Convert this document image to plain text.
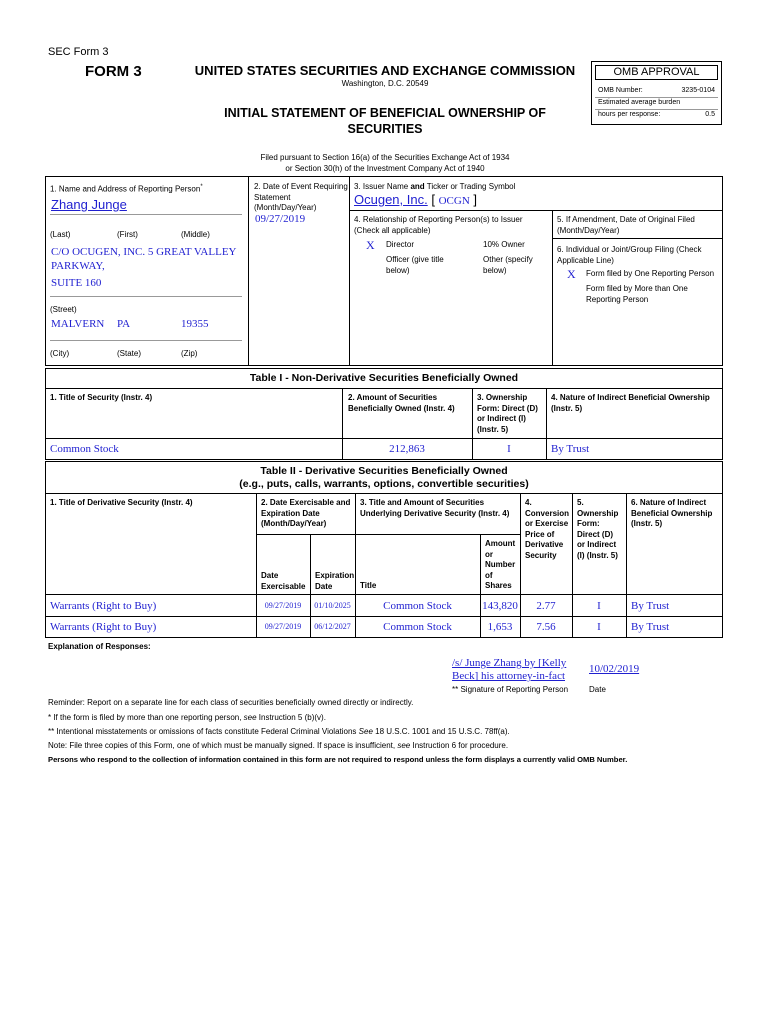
SEC Form 3
FORM 3	UNITED STATES SECURITIES AND EXCHANGE COMMISSION
Washington, D.C. 20549
INITIAL STATEMENT OF BENEFICIAL OWNERSHIP OF
SECURITIES
Filed pursuant to Section 16(a) of the Securities Exchange Act of 1934
or Section 30(h) of the Investment Company Act of 1940
OMB APPROVAL
OMB Number:	3235-0104
Estimated average burden
hours per response:	0.5
1. Name and Address of Reporting Person*
Zhang Junge
(Last)	(First)	(Middle)
C/O OCUGEN, INC. 5 GREAT VALLEY
PARKWAY,
SUITE 160
(Street)
MALVERN PA	19355
(City)	(State)	(Zip)
2. Date of Event Requiring
Statement
(Month/Day/Year)
09/27/2019
3. Issuer Name and Ticker or Trading Symbol
Ocugen, Inc. [ OCGN ]
4. Relationship of Reporting Person(s) to Issuer
(Check all applicable)
X Director	10% Owner
Officer (give title
below)
Other (specify
below)
5. If Amendment, Date of Original Filed
(Month/Day/Year)
6. Individual or Joint/Group Filing (Check
Applicable Line)
X Form filed by One Reporting Person
Form filed by More than One
Reporting Person
Table I - Non-Derivative Securities Beneficially Owned
1. Title of Security (Instr. 4)	2. Amount of Securities
Beneficially Owned (Instr. 4)
3. Ownership
Form: Direct (D)
or Indirect (I)
(Instr. 5)
4. Nature of Indirect Beneficial Ownership
(Instr. 5)
Common Stock	212,863	I	By Trust
Table II - Derivative Securities Beneficially Owned
(e.g., puts, calls, warrants, options, convertible securities)
1. Title of Derivative Security (Instr. 4)	2. Date Exercisable and
Expiration Date
(Month/Day/Year)
3. Title and Amount of Securities
Underlying Derivative Security (Instr. 4)
4.
Conversion
or Exercise
Price of
Derivative
Security
5.
Ownership
Form:
Direct (D)
or Indirect
(I) (Instr. 5)
6. Nature of Indirect
Beneficial Ownership
(Instr. 5)
Date
Exercisable
Expiration
Date	Title
Amount
or
Number
of
Shares
Warrants (Right to Buy)	09/27/2019	01/10/2025	Common Stock	143,820	2.77	I	By Trust
Warrants (Right to Buy)	09/27/2019	06/12/2027	Common Stock	1,653	7.56	I	By Trust
Explanation of Responses:
/s/ Junge Zhang by [Kelly
Beck] his attorney-in-fact
10/02/2019
** Signature of Reporting Person	Date
Reminder: Report on a separate line for each class of securities beneficially owned directly or indirectly.
* If the form is filed by more than one reporting person, see Instruction 5 (b)(v).
** Intentional misstatements or omissions of facts constitute Federal Criminal Violations See 18 U.S.C. 1001 and 15 U.S.C. 78ff(a).
Note: File three copies of this Form, one of which must be manually signed. If space is insufficient, see Instruction 6 for procedure.
Persons who respond to the collection of information contained in this form are not required to respond unless the form displays a currently valid OMB Number.
